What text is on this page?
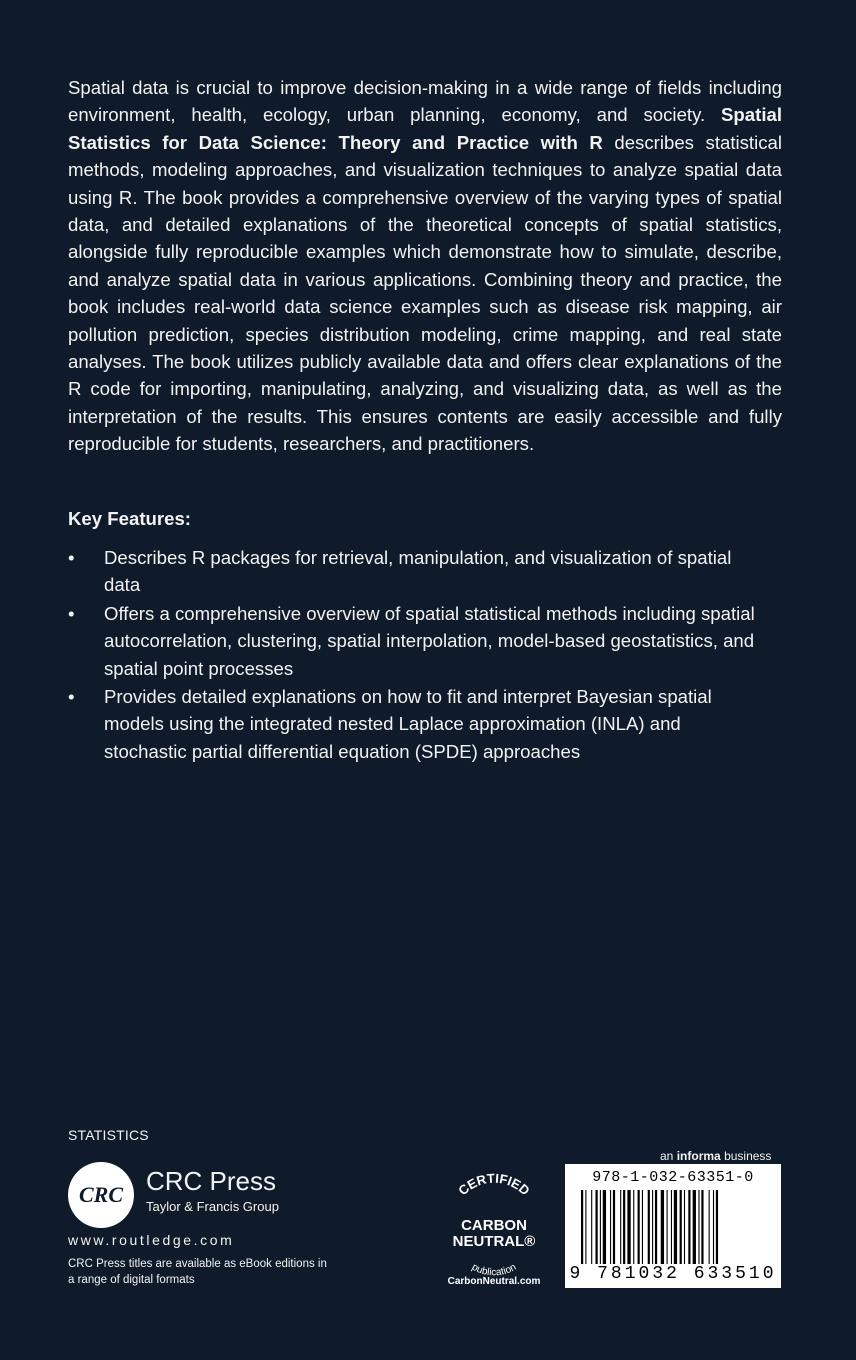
Spatial data is crucial to improve decision-making in a wide range of fields including environment, health, ecology, urban planning, economy, and society. Spatial Statistics for Data Science: Theory and Practice with R describes statistical methods, modeling approaches, and visualization techniques to analyze spatial data using R. The book provides a comprehensive overview of the varying types of spatial data, and detailed explanations of the theoretical concepts of spatial statistics, alongside fully reproducible examples which demonstrate how to simulate, describe, and analyze spatial data in various applications. Combining theory and practice, the book includes real-world data science examples such as disease risk mapping, air pollution prediction, species distribution modeling, crime mapping, and real state analyses. The book utilizes publicly available data and offers clear explanations of the R code for importing, manipulating, analyzing, and visualizing data, as well as the interpretation of the results. This ensures contents are easily accessible and fully reproducible for students, researchers, and practitioners.

Key Features:
• Describes R packages for retrieval, manipulation, and visualization of spatial data
• Offers a comprehensive overview of spatial statistical methods including spatial autocorrelation, clustering, spatial interpolation, model-based geostatistics, and spatial point processes
• Provides detailed explanations on how to fit and interpret Bayesian spatial models using the integrated nested Laplace approximation (INLA) and stochastic partial differential equation (SPDE) approaches
STATISTICS
CRC CRC Press
Taylor & Francis Group
www.routledge.com
CRC Press titles are available as eBook editions in a range of digital formats
CERTIFIED
CARBON
NEUTRAL®
publication
CarbonNeutral.com
an informa business
978-1-032-63351-0
9 781032 633510
